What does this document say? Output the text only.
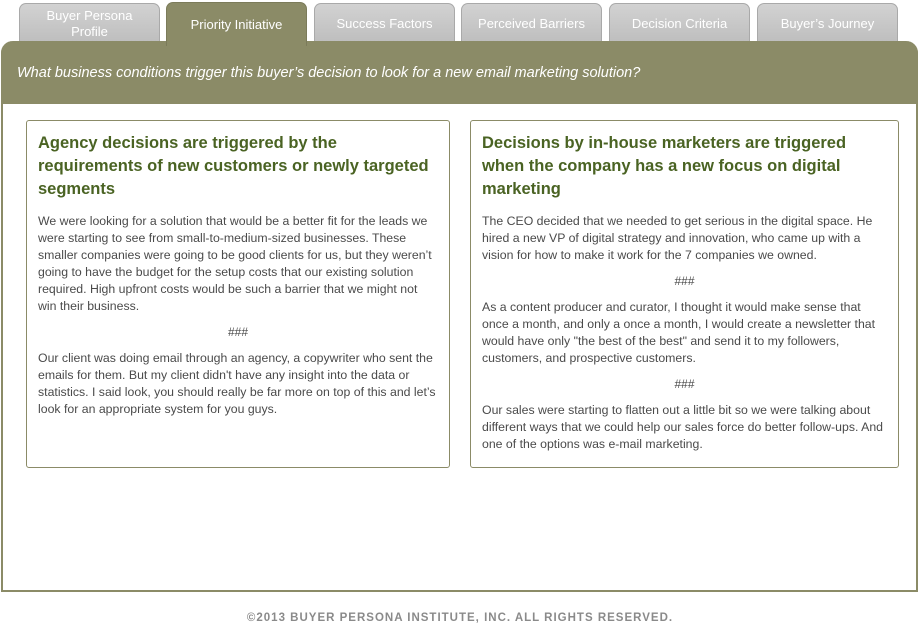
Buyer Persona Profile	Priority Initiative	Success Factors	Perceived Barriers	Decision Criteria	Buyer’s Journey
What business conditions trigger this buyer’s decision to look for a new email marketing solution?
Agency decisions are triggered by the requirements of new customers or newly targeted segments

We were looking for a solution that would be a better fit for the leads we were starting to see from small-to-medium-sized businesses. These smaller companies were going to be good clients for us, but they weren’t going to have the budget for the setup costs that our existing solution required. High upfront costs would be such a barrier that we might not win their business.

###

Our client was doing email through an agency, a copywriter who sent the emails for them. But my client didn't have any insight into the data or statistics. I said look, you should really be far more on top of this and let’s look for an appropriate system for you guys.

Decisions by in-house marketers are triggered when the company has a new focus on digital marketing

The CEO decided that we needed to get serious in the digital space. He hired a new VP of digital strategy and innovation, who came up with a vision for how to make it work for the 7 companies we owned.

###

As a content producer and curator, I thought it would make sense that once a month, and only a once a month, I would create a newsletter that would have only "the best of the best" and send it to my followers, customers, and prospective customers.

###

Our sales were starting to flatten out a little bit so we were talking about different ways that we could help our sales force do better follow-ups. And one of the options was e-mail marketing.

©2013 BUYER PERSONA INSTITUTE, INC. ALL RIGHTS RESERVED.
